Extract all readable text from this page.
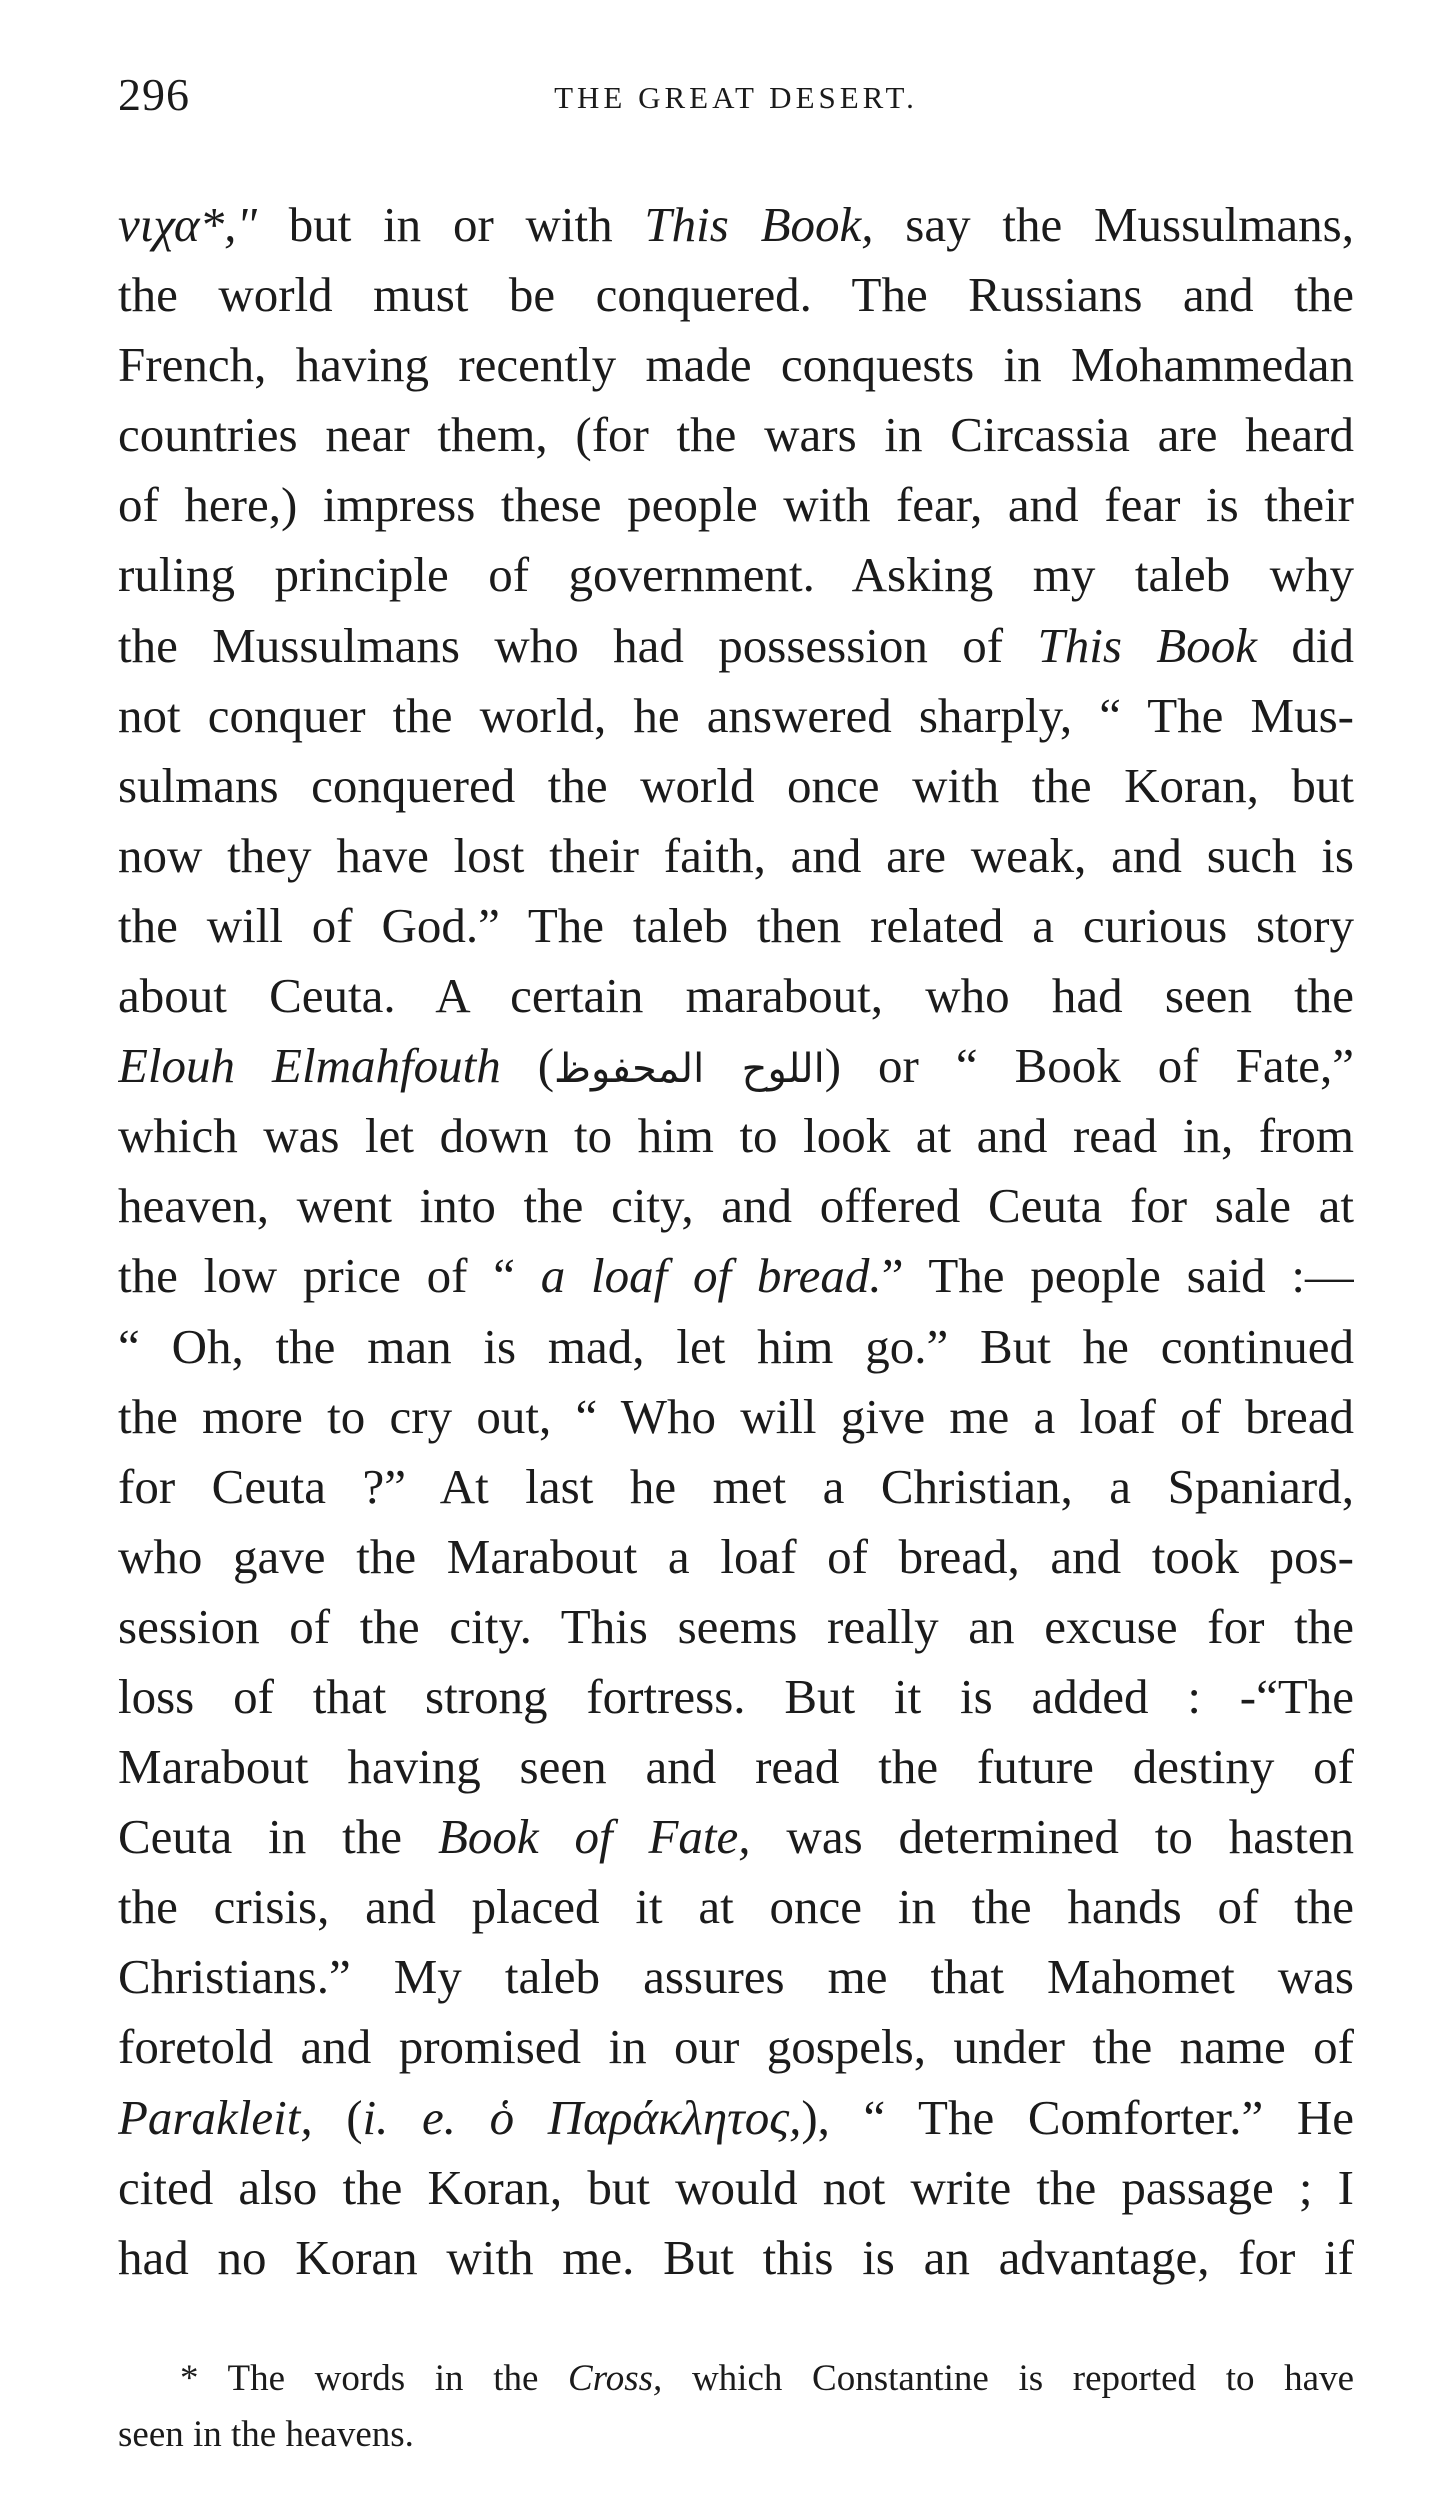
296	THE GREAT DESERT.
νιχα*," but in or with This Book, say the Mussulmans,
the world must be conquered. The Russians and the
French, having recently made conquests in Mohammedan
countries near them, (for the wars in Circassia are heard
of here,) impress these people with fear, and fear is their
ruling principle of government. Asking my taleb why
the Mussulmans who had possession of This Book did
not conquer the world, he answered sharply, “ The Mus-
sulmans conquered the world once with the Koran, but
now they have lost their faith, and are weak, and such is
the will of God.” The taleb then related a curious story
about Ceuta. A certain marabout, who had seen the
Elouh Elmahfouth (اللوح المحفوظ) or “ Book of Fate,”
which was let down to him to look at and read in, from
heaven, went into the city, and offered Ceuta for sale at
the low price of “ a loaf of bread.” The people said :—
“ Oh, the man is mad, let him go.” But he continued
the more to cry out, “ Who will give me a loaf of bread
for Ceuta ?” At last he met a Christian, a Spaniard,
who gave the Marabout a loaf of bread, and took pos-
session of the city. This seems really an excuse for the
loss of that strong fortress. But it is added : -“The
Marabout having seen and read the future destiny of
Ceuta in the Book of Fate, was determined to hasten
the crisis, and placed it at once in the hands of the
Christians.” My taleb assures me that Mahomet was
foretold and promised in our gospels, under the name of
Parakleit, (i. e. ὁ Παράκλητος,), “ The Comforter.” He
cited also the Koran, but would not write the passage ; I
had no Koran with me. But this is an advantage, for if
* The words in the Cross, which Constantine is reported to have
seen in the heavens.
